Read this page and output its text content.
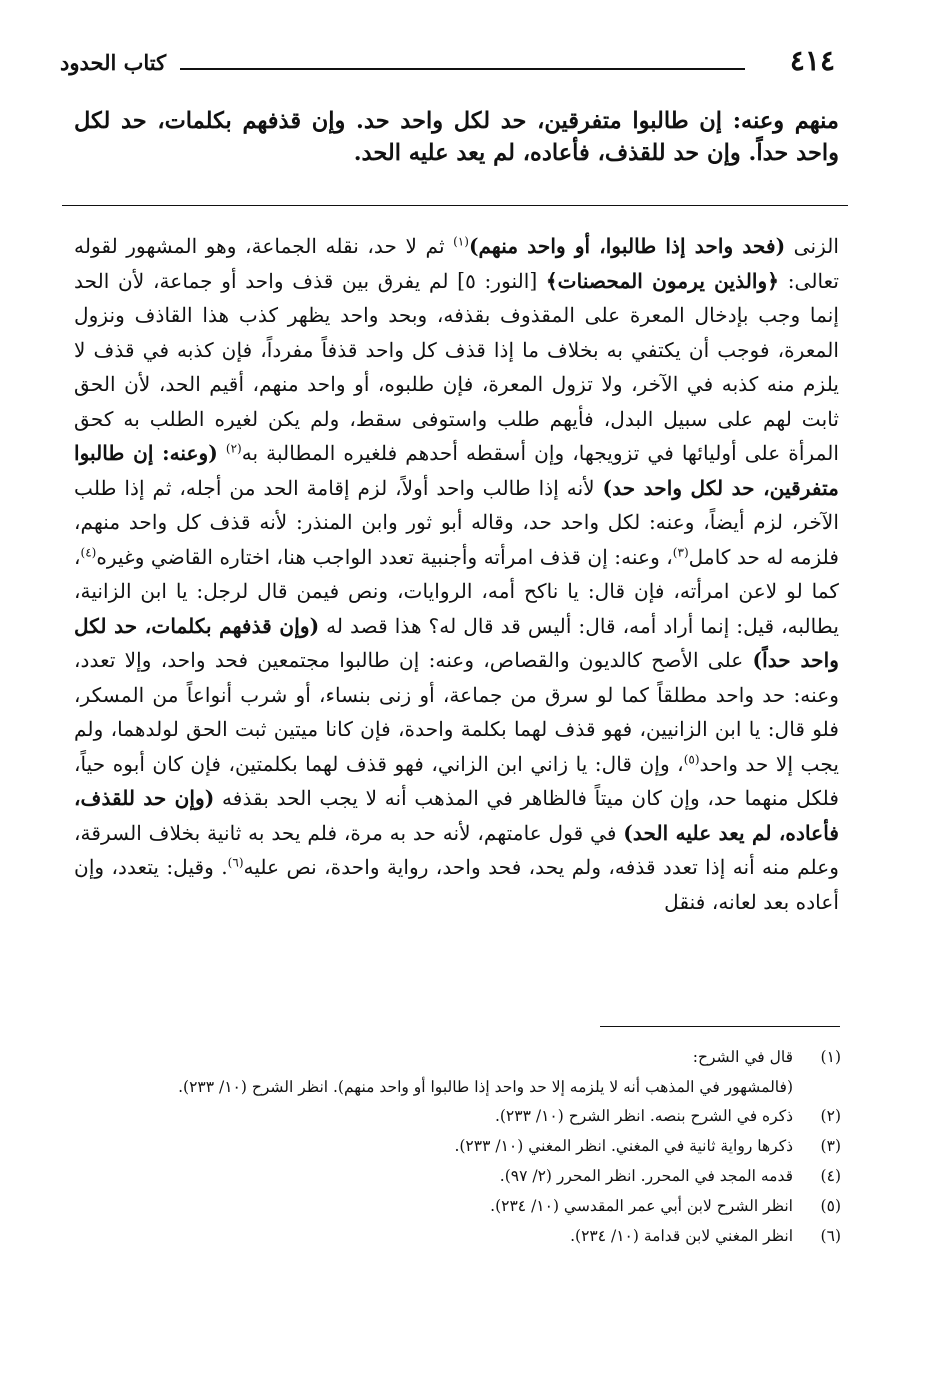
٤١٤
كتاب الحدود
منهم وعنه: إن طالبوا متفرقين، حد لكل واحد حد. وإن قذفهم بكلمات، حد لكل واحد حداً. وإن حد للقذف، فأعاده، لم يعد عليه الحد.

الزنى (فحد واحد إذا طالبوا، أو واحد منهم)$^{(١)}$ ثم لا حد، نقله الجماعة، وهو المشهور لقوله تعالى: ﴿والذين يرمون المحصنات﴾ [النور: ٥] لم يفرق بين قذف واحد أو جماعة، لأن الحد إنما وجب بإدخال المعرة على المقذوف بقذفه، وبحد واحد يظهر كذب هذا القاذف ونزول المعرة، فوجب أن يكتفي به بخلاف ما إذا قذف كل واحد قذفاً مفرداً، فإن كذبه في قذف لا يلزم منه كذبه في الآخر، ولا تزول المعرة، فإن طلبوه، أو واحد منهم، أقيم الحد، لأن الحق ثابت لهم على سبيل البدل، فأيهم طلب واستوفى سقط، ولم يكن لغيره الطلب به كحق المرأة على أوليائها في تزويجها، وإن أسقطه أحدهم فلغيره المطالبة به$^{(٢)}$ (وعنه: إن طالبوا متفرقين، حد لكل واحد حد) لأنه إذا طالب واحد أولاً، لزم إقامة الحد من أجله، ثم إذا طلب الآخر، لزم أيضاً، وعنه: لكل واحد حد، وقاله أبو ثور وابن المنذر: لأنه قذف كل واحد منهم، فلزمه له حد كامل$^{(٣)}$، وعنه: إن قذف امرأته وأجنبية تعدد الواجب هنا، اختاره القاضي وغيره$^{(٤)}$، كما لو لاعن امرأته، فإن قال: يا ناكح أمه، الروايات، ونص فيمن قال لرجل: يا ابن الزانية، يطالبه، قيل: إنما أراد أمه، قال: أليس قد قال له؟ هذا قصد له (وإن قذفهم بكلمات، حد لكل واحد حداً) على الأصح كالديون والقصاص، وعنه: إن طالبوا مجتمعين فحد واحد، وإلا تعدد، وعنه: حد واحد مطلقاً كما لو سرق من جماعة، أو زنى بنساء، أو شرب أنواعاً من المسكر، فلو قال: يا ابن الزانيين، فهو قذف لهما بكلمة واحدة، فإن كانا ميتين ثبت الحق لولدهما، ولم يجب إلا حد واحد$^{(٥)}$، وإن قال: يا زاني ابن الزاني، فهو قذف لهما بكلمتين، فإن كان أبوه حياً، فلكل منهما حد، وإن كان ميتاً فالظاهر في المذهب أنه لا يجب الحد بقذفه (وإن حد للقذف، فأعاده، لم يعد عليه الحد) في قول عامتهم، لأنه حد به مرة، فلم يحد به ثانية بخلاف السرقة، وعلم منه أنه إذا تعدد قذفه، ولم يحد، فحد واحد، رواية واحدة، نص عليه$^{(٦)}$. وقيل: يتعدد، وإن أعاده بعد لعانه، فنقل

(١)
قال في الشرح:
(فالمشهور في المذهب أنه لا يلزمه إلا حد واحد إذا طالبوا أو واحد منهم). انظر الشرح (١٠/ ٢٣٣).
(٢)
ذكره في الشرح بنصه. انظر الشرح (١٠/ ٢٣٣).
(٣)
ذكرها رواية ثانية في المغني. انظر المغني (١٠/ ٢٣٣).
(٤)
قدمه المجد في المحرر. انظر المحرر (٢/ ٩٧).
(٥)
انظر الشرح لابن أبي عمر المقدسي (١٠/ ٢٣٤).
(٦)
انظر المغني لابن قدامة (١٠/ ٢٣٤).
